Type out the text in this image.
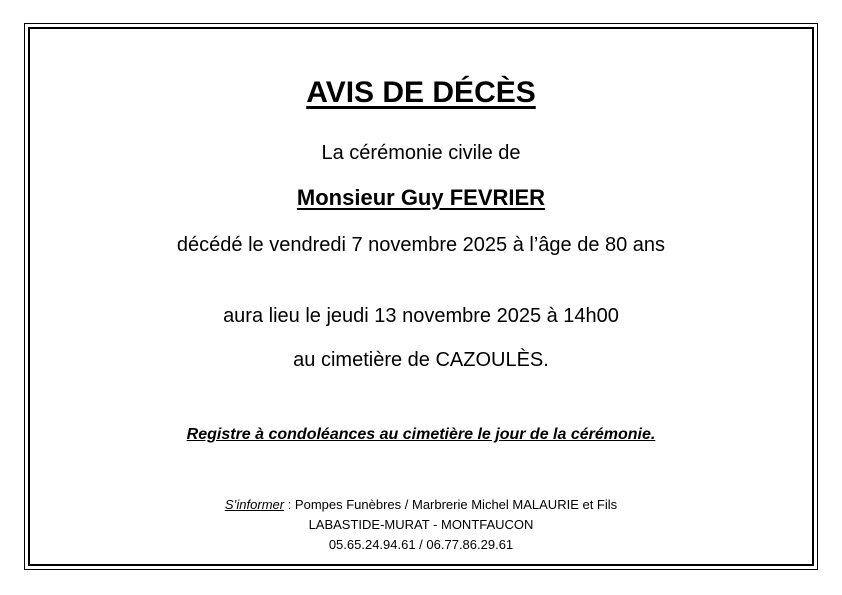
AVIS DE DÉCÈS
La cérémonie civile de
Monsieur Guy FEVRIER
décédé le vendredi 7 novembre 2025 à l’âge de 80 ans
aura lieu le jeudi 13 novembre 2025 à 14h00
au cimetière de CAZOULÈS.
Registre à condoléances au cimetière le jour de la cérémonie.
S’informer : Pompes Funèbres / Marbrerie Michel MALAURIE et Fils
LABASTIDE-MURAT - MONTFAUCON
05.65.24.94.61 / 06.77.86.29.61
